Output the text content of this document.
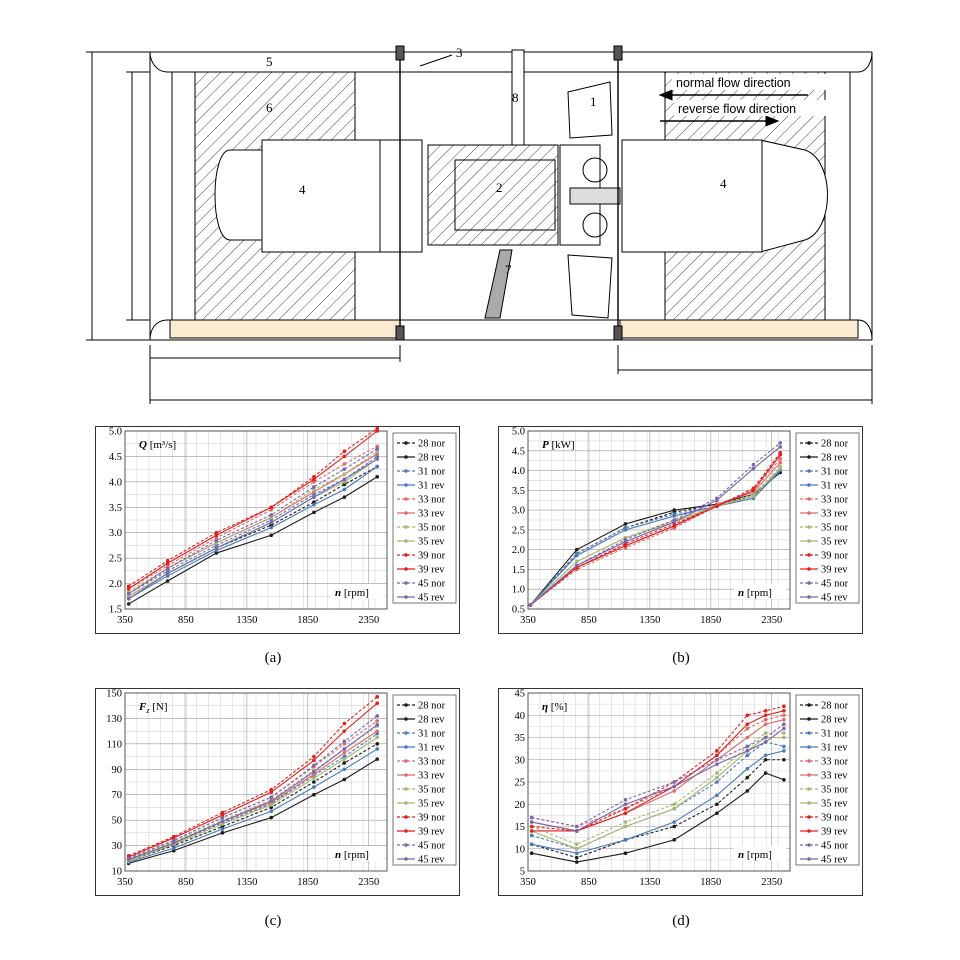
normal flow direction
reverse flow direction
1
2
3
4	4
5
6
7
8
1.5
2.0
2.5
3.0
3.5
4.0
4.5
5.0
350	850	1350	1850	2350
Q [m³/s]
n [rpm]
28 nor
28 rev
31 nor
31 rev
33 nor
33 rev
35 nor
35 rev
39 nor
39 rev
45 nor
45 rev
0.5
1.0
1.5
2.0
2.5
3.0
3.5
4.0
4.5
5.0
350	850	1350	1850	2350
P [kW]
n [rpm]
28 nor
28 rev
31 nor
31 rev
33 nor
33 rev
35 nor
35 rev
39 nor
39 rev
45 nor
45 rev
10
30
50
70
90
110
130
150
350	850	1350	1850	2350
$F_z$ [N]
n [rpm]
28 nor
28 rev
31 nor
31 rev
33 nor
33 rev
35 nor
35 rev
39 nor
39 rev
45 nor
45 rev
5
10
15
20
25
30
35
40
45
350	850	1350	1850	2350
η [%]
n [rpm]
28 nor
28 rev
31 nor
31 rev
33 nor
33 rev
35 nor
35 rev
39 nor
39 rev
45 nor
45 rev
(a)	(b)
(c)	(d)
